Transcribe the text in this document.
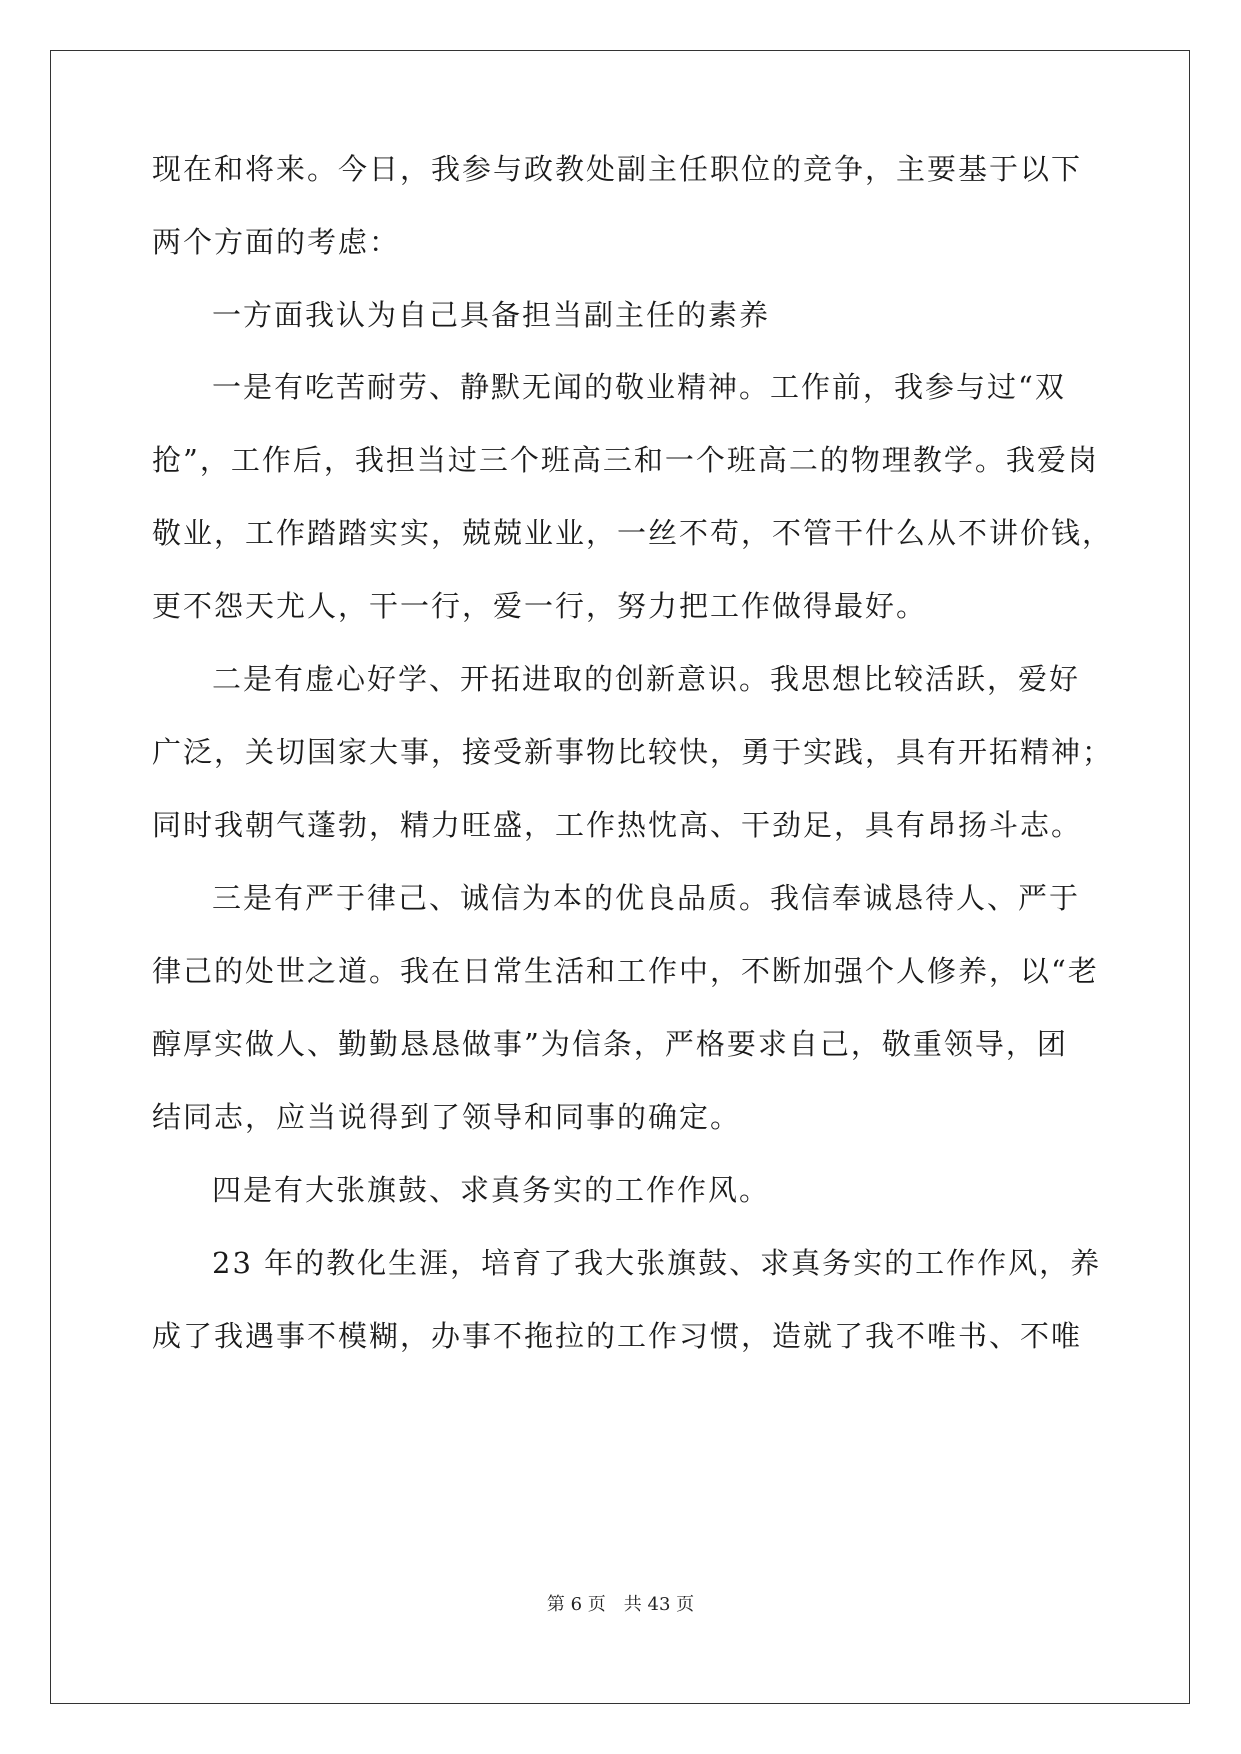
现在和将来。今日，我参与政教处副主任职位的竞争，主要基于以下
两个方面的考虑：
一方面我认为自己具备担当副主任的素养
一是有吃苦耐劳、静默无闻的敬业精神。工作前，我参与过“双
抢”，工作后，我担当过三个班高三和一个班高二的物理教学。我爱岗
敬业，工作踏踏实实，兢兢业业，一丝不苟，不管干什么从不讲价钱，
更不怨天尤人，干一行，爱一行，努力把工作做得最好。
二是有虚心好学、开拓进取的创新意识。我思想比较活跃，爱好
广泛，关切国家大事，接受新事物比较快，勇于实践，具有开拓精神；
同时我朝气蓬勃，精力旺盛，工作热忱高、干劲足，具有昂扬斗志。
三是有严于律己、诚信为本的优良品质。我信奉诚恳待人、严于
律己的处世之道。我在日常生活和工作中，不断加强个人修养，以“老
醇厚实做人、勤勤恳恳做事”为信条，严格要求自己，敬重领导，团
结同志，应当说得到了领导和同事的确定。
四是有大张旗鼓、求真务实的工作作风。
23 年的教化生涯，培育了我大张旗鼓、求真务实的工作作风，养
成了我遇事不模糊，办事不拖拉的工作习惯，造就了我不唯书、不唯
第 6 页　共 43 页
